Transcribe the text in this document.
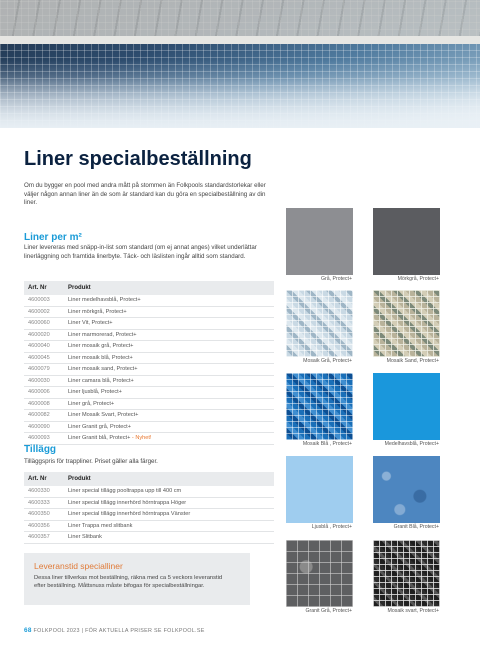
Liner specialbeställning

Om du bygger en pool med andra mått på stommen än Folkpools standardstorlekar eller väljer någon annan liner än de som är standard kan du göra en specialbeställning av din liner.

Liner per m²

Liner levereras med snäpp-in-list som standard (om ej annat anges) vilket underlättar linerläggning och framtida linerbyte. Täck- och läslisten ingår alltid som standard.

Art. Nr	Produkt
4600003	Liner medelhavsblå, Protect+
4600002	Liner mörkgrå, Protect+
4600060	Liner Vit, Protect+
4600020	Liner marmorerad, Protect+
4600040	Liner mosaik grå, Protect+
4600045	Liner mosaik blå, Protect+
4600079	Liner mosaik sand, Protect+
4600030	Liner camara blå, Protect+
4600006	Liner ljusblå, Protect+
4600008	Liner grå, Protect+
4600082	Liner Mosaik Svart, Protect+
4600090	Liner Granit grå, Protect+
4600093	Liner Granit blå, Protect+ - Nyhet!
Tillägg

Tilläggspris för trappliner. Priset gäller alla färger.

Art. Nr	Produkt
4600330	Liner special tillägg pooltrappa upp till 400 cm
4600333	Liner special tillägg innerhörd hörntrappa Höger
4600350	Liner special tillägg innerhörd hörntrappa Vänster
4600356	Liner Trappa med slitbank
4600357	Liner Slitbank

Leveranstid specialliner

Dessa liner tillverkas mot beställning, räkna med ca 5 veckors leveranstid efter beställning. Måttsnuss måste bifogas för specialbeställningar.

Grå, Protect+	Mörkgrå, Protect+

Mosaik Grå, Protect+	Mosaik Sand, Protect+

Mosaik Blå , Protect+	Medelhavsblå, Protect+

Ljusblå , Protect+	Granit Blå, Protect+

Granit Grå, Protect+	Mosaik svart, Protect+

68 FOLKPOOL 2023 | FÖR AKTUELLA PRISER SE FOLKPOOL.SE
